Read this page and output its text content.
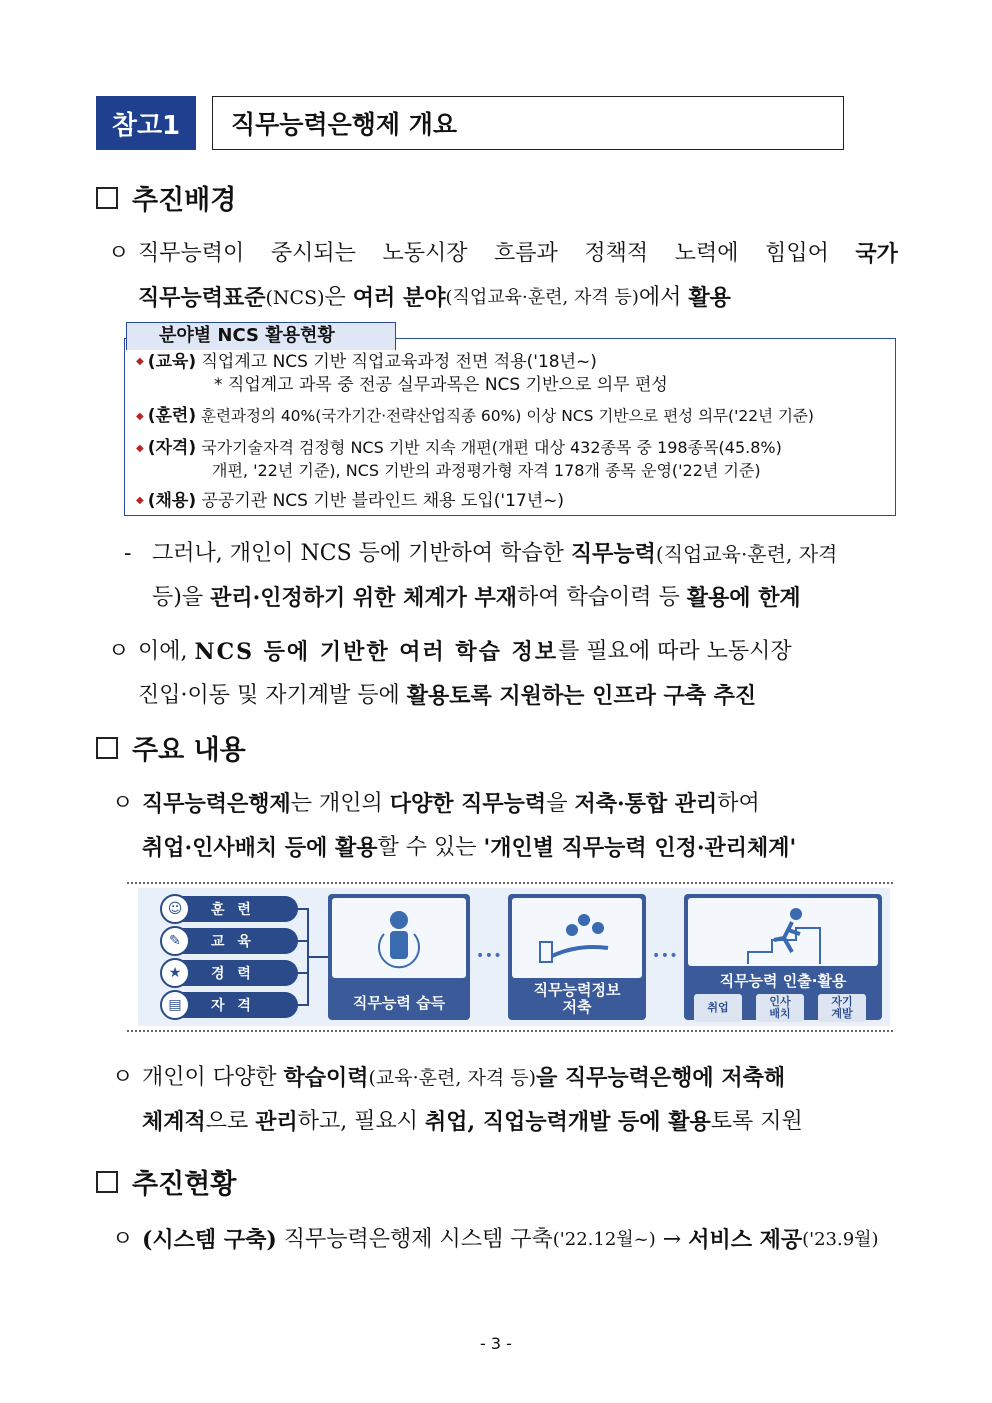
참고1	직무능력은행제 개요
추진배경
ㅇ 직무능력이 중시되는 노동시장 흐름과 정책적 노력에 힘입어 국가
직무능력표준 (NCS) 은 여러 분야 (직업교육·훈련, 자격 등) 에서 활용
분야별 NCS 활용현황
◆ (교육) 직업계고 NCS 기반 직업교육과정 전면 적용('18년~)
* 직업계고 과목 중 전공 실무과목은 NCS 기반으로 의무 편성
◆ (훈련) 훈련과정의 40%(국가기간·전략산업직종 60%) 이상 NCS 기반으로 편성 의무('22년 기준)
◆ (자격) 국가기술자격 검정형 NCS 기반 지속 개편(개편 대상 432종목 중 198종목(45.8%)
개편, '22년 기준), NCS 기반의 과정평가형 자격 178개 종목 운영('22년 기준)
◆ (채용) 공공기관 NCS 기반 블라인드 채용 도입('17년~)
- 그러나, 개인이 NCS 등에 기반하여 학습한 직무능력 (직업교육·훈련, 자격
등)을 관리·인정하기 위한 체계가 부재 하여 학습이력 등 활용에 한계
ㅇ 이에, NCS 등에 기반한 여러 학습 정보 를 필요에 따라 노동시장
진입·이동 및 자기계발 등에 활용토록 지원하는 인프라 구축 추진
주요 내용
ㅇ 직무능력은행제 는 개인의 다양한 직무능력 을 저축·통합 관리 하여
취업·인사배치 등에 활용 할 수 있는 '개인별 직무능력 인정·관리체계'
훈 련
☺
교 육
✎
경 력
★
자 격
▤	직무능력 습득
• • •
직무능력정보
저축
• • •
직무능력 인출·활용
취업	인사
배치
자기
계발
ㅇ 개인이 다양한 학습이력 (교육·훈련, 자격 등) 을 직무능력은행에 저축해
체계적 으로 관리 하고, 필요시 취업, 직업능력개발 등에 활용 토록 지원
추진현황
ㅇ (시스템 구축) 직무능력은행제 시스템 구축 ('22.12월~) → 서비스 제공 ('23.9월)
- 3 -
